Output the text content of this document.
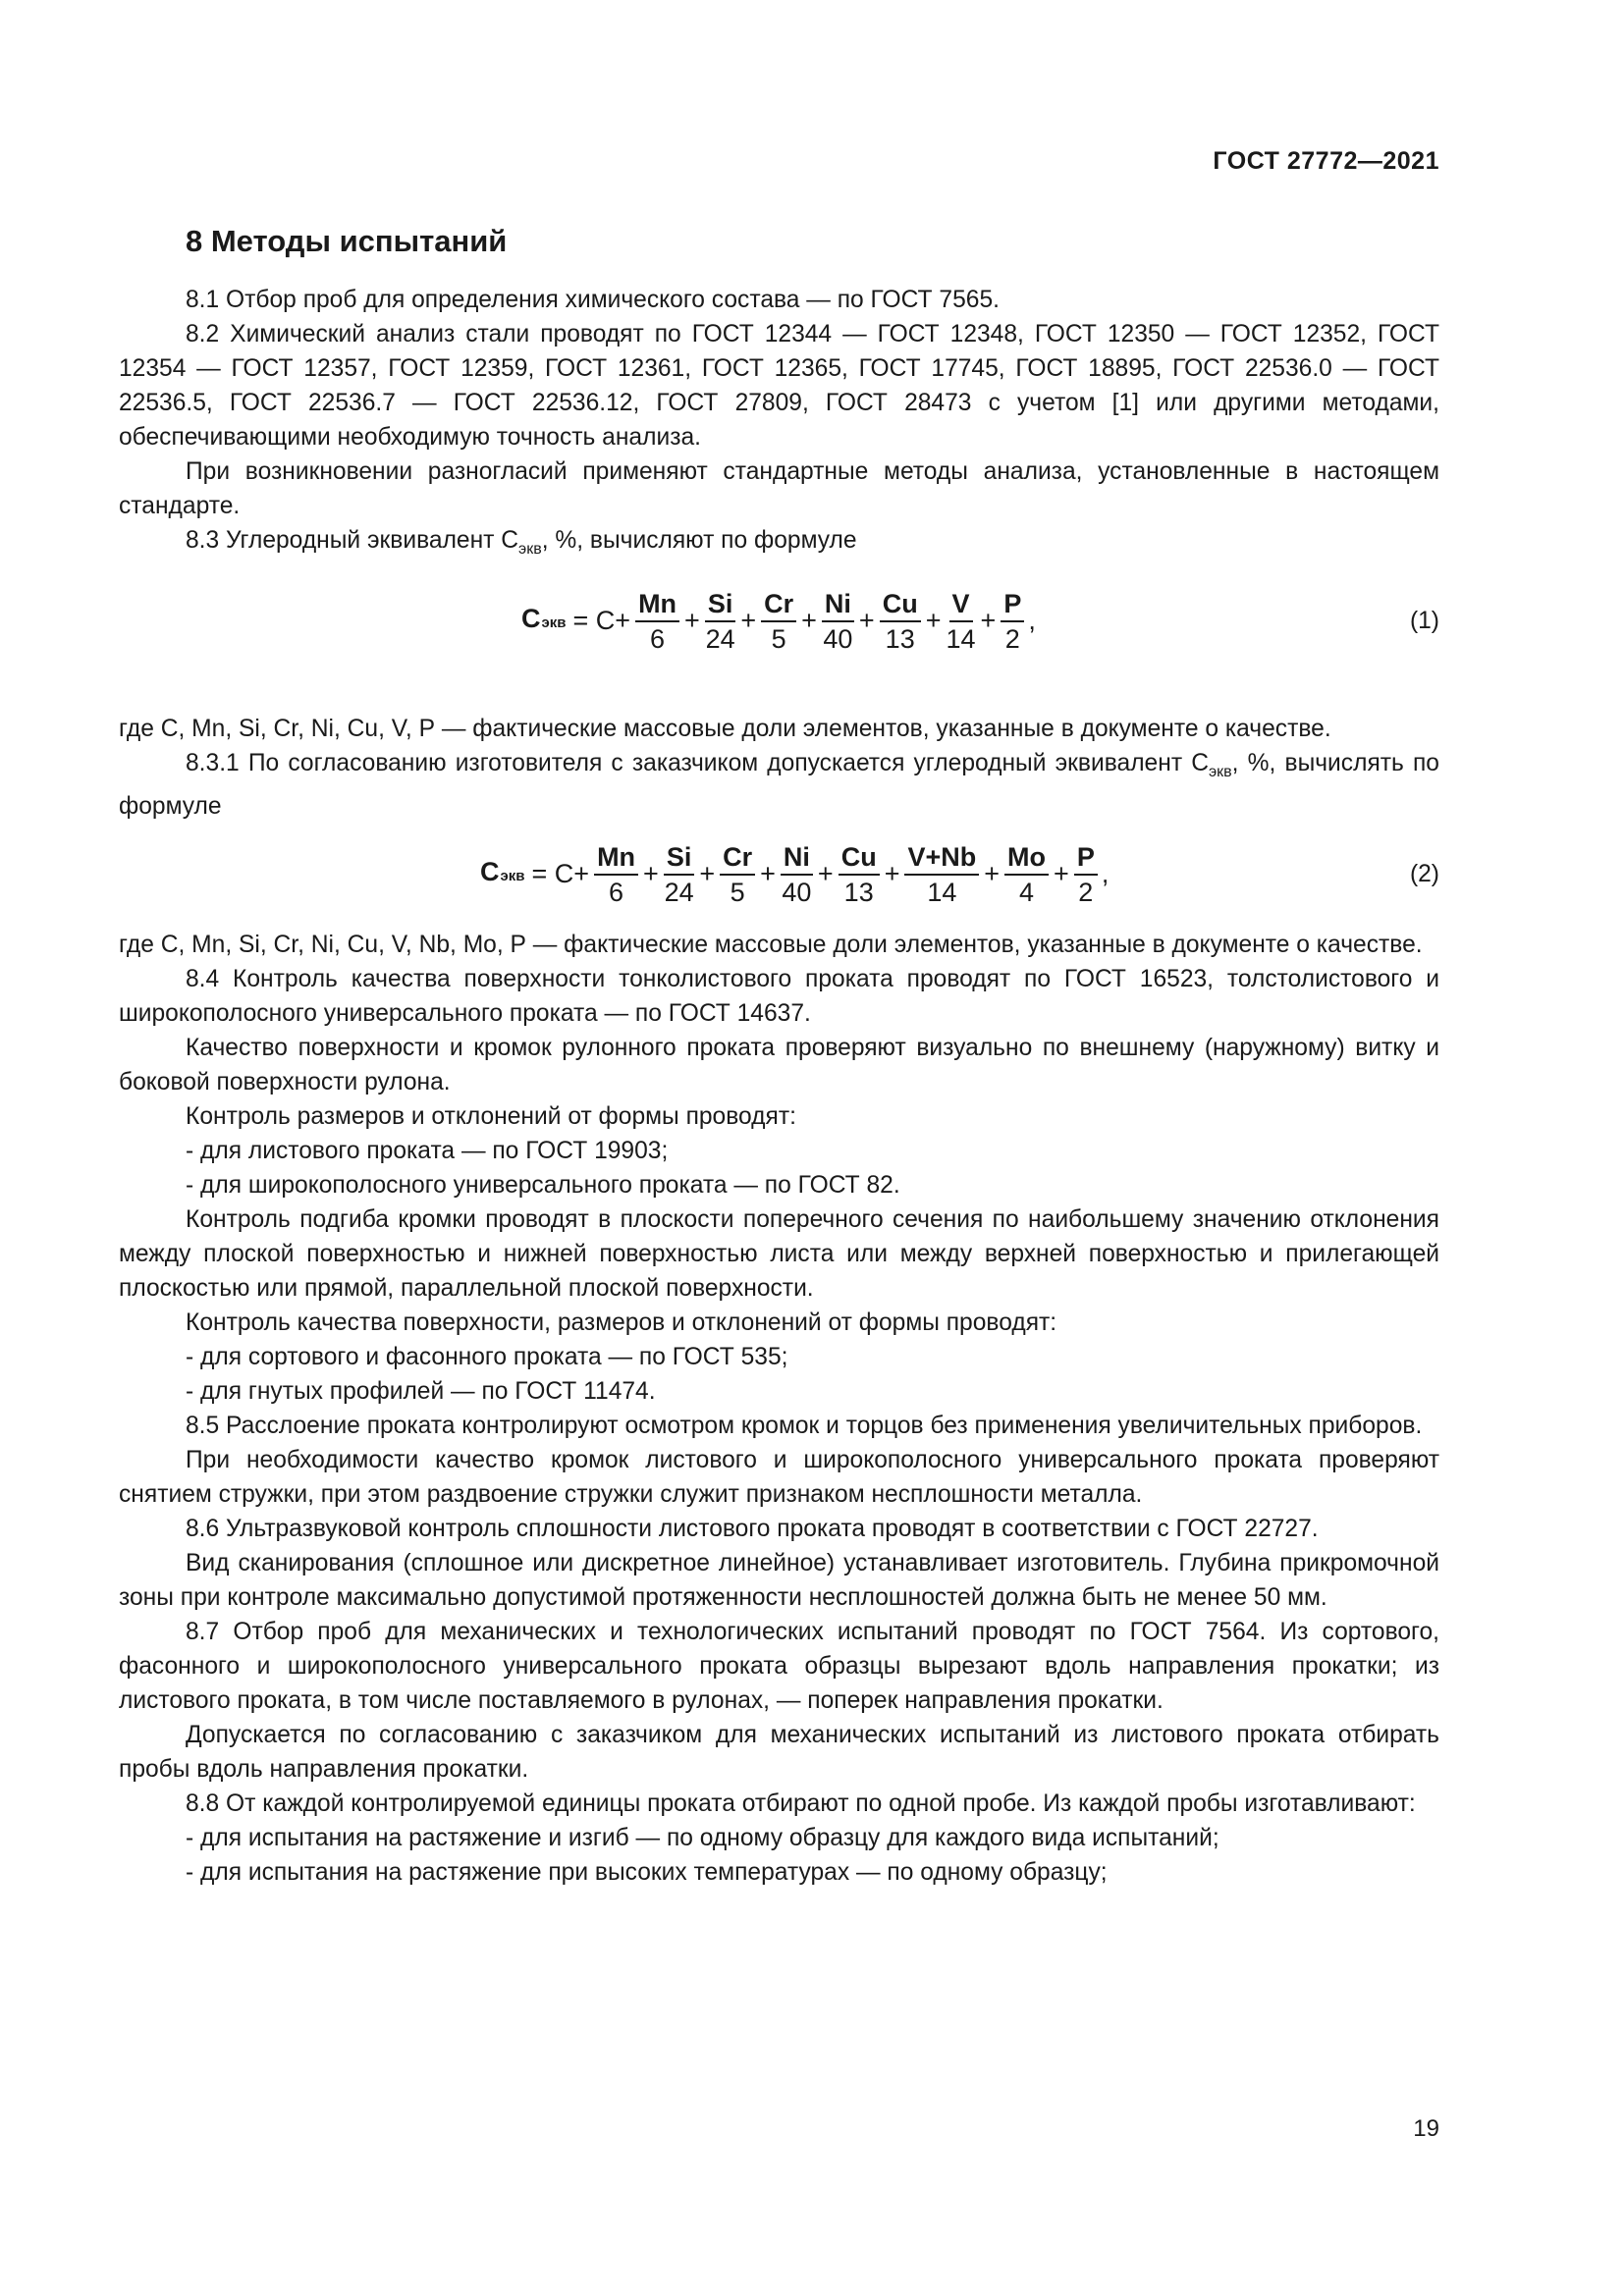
ГОСТ 27772—2021
8 Методы испытаний

8.1 Отбор проб для определения химического состава — по ГОСТ 7565.

8.2 Химический анализ стали проводят по ГОСТ 12344 — ГОСТ 12348, ГОСТ 12350 — ГОСТ 12352, ГОСТ 12354 — ГОСТ 12357, ГОСТ 12359, ГОСТ 12361, ГОСТ 12365, ГОСТ 17745, ГОСТ 18895, ГОСТ 22536.0 — ГОСТ 22536.5, ГОСТ 22536.7 — ГОСТ 22536.12, ГОСТ 27809, ГОСТ 28473 с учетом [1] или другими методами, обеспечивающими необходимую точность анализа.

При возникновении разногласий применяют стандартные методы анализа, установленные в настоящем стандарте.

8.3 Углеродный эквивалент $С_{экв}$, %, вычисляют по формуле

С экв = $С+ \frac{Mn}{6} + \frac{Si}{24} + \frac{Cr}{5} + \frac{Ni}{40} + \frac{Cu}{13} + \frac{V}{14} + \frac{P}{2}$ ,	(1)

где С, Mn, Si, Cr, Ni, Cu, V, Р — фактические массовые доли элементов, указанные в документе о качестве.

8.3.1 По согласованию изготовителя с заказчиком допускается углеродный эквивалент $С_{экв}$, %, вычислять по формуле

С экв = $С+ \frac{Mn}{6} + \frac{Si}{24} + \frac{Cr}{5} + \frac{Ni}{40} + \frac{Cu}{13} + \frac{V+Nb}{14} + \frac{Mo}{4} + \frac{P}{2}$ ,	(2)

где С, Mn, Si, Cr, Ni, Cu, V, Nb, Mo, Р — фактические массовые доли элементов, указанные в документе о качестве.

8.4 Контроль качества поверхности тонколистового проката проводят по ГОСТ 16523, толстолистового и широкополосного универсального проката — по ГОСТ 14637.

Качество поверхности и кромок рулонного проката проверяют визуально по внешнему (наружному) витку и боковой поверхности рулона.

Контроль размеров и отклонений от формы проводят:

- для листового проката — по ГОСТ 19903;

- для широкополосного универсального проката — по ГОСТ 82.

Контроль подгиба кромки проводят в плоскости поперечного сечения по наибольшему значению отклонения между плоской поверхностью и нижней поверхностью листа или между верхней поверхностью и прилегающей плоскостью или прямой, параллельной плоской поверхности.

Контроль качества поверхности, размеров и отклонений от формы проводят:

- для сортового и фасонного проката — по ГОСТ 535;

- для гнутых профилей — по ГОСТ 11474.

8.5 Расслоение проката контролируют осмотром кромок и торцов без применения увеличительных приборов.

При необходимости качество кромок листового и широкополосного универсального проката проверяют снятием стружки, при этом раздвоение стружки служит признаком несплошности металла.

8.6 Ультразвуковой контроль сплошности листового проката проводят в соответствии с ГОСТ 22727.

Вид сканирования (сплошное или дискретное линейное) устанавливает изготовитель. Глубина прикромочной зоны при контроле максимально допустимой протяженности несплошностей должна быть не менее 50 мм.

8.7 Отбор проб для механических и технологических испытаний проводят по ГОСТ 7564. Из сортового, фасонного и широкополосного универсального проката образцы вырезают вдоль направления прокатки; из листового проката, в том числе поставляемого в рулонах, — поперек направления прокатки.

Допускается по согласованию с заказчиком для механических испытаний из листового проката отбирать пробы вдоль направления прокатки.

8.8 От каждой контролируемой единицы проката отбирают по одной пробе. Из каждой пробы изготавливают:

- для испытания на растяжение и изгиб — по одному образцу для каждого вида испытаний;

- для испытания на растяжение при высоких температурах — по одному образцу;

19
